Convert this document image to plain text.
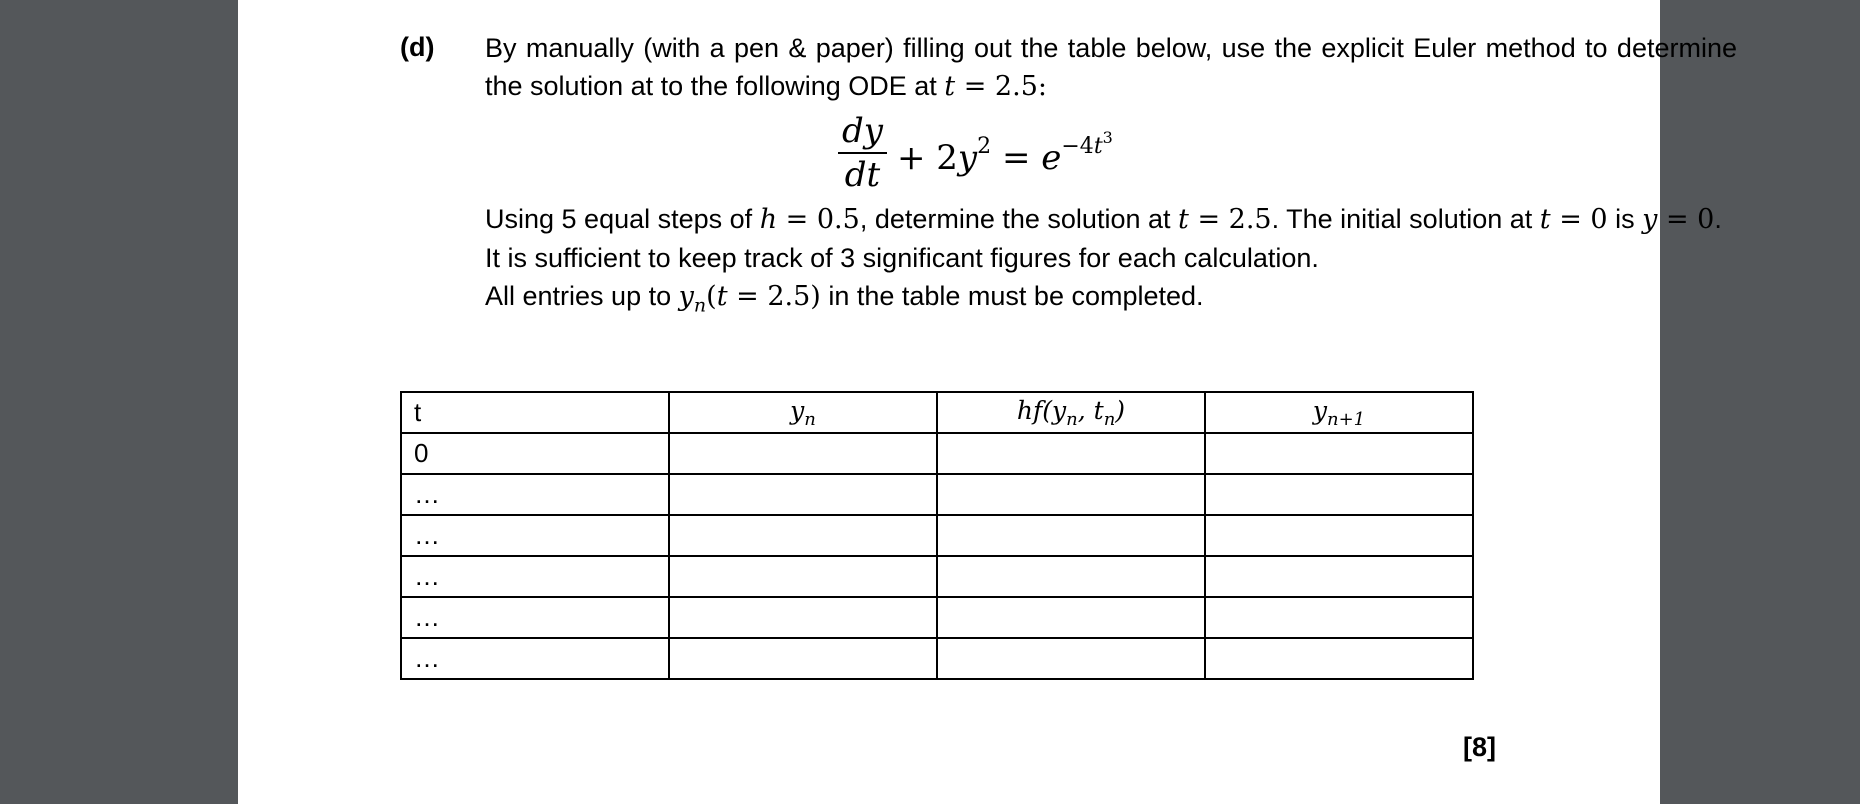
(d) By manually (with a pen & paper) filling out the table below, use the explicit Euler method to determine the solution at to the following ODE at t = 2.5:
$\frac{dy}{dt} + 2y^2 = e^{-4t^3}$
Using 5 equal steps of h = 0.5, determine the solution at t = 2.5. The initial solution at t = 0 is y = 0.
It is sufficient to keep track of 3 significant figures for each calculation.
All entries up to $y_n(t = 2.5)$ in the table must be completed.
t	$y_n$	$hf(y_n$, $t_n$)	$y_{n+1}$
0			
…			
…			
…			
…			
…			
[8]
